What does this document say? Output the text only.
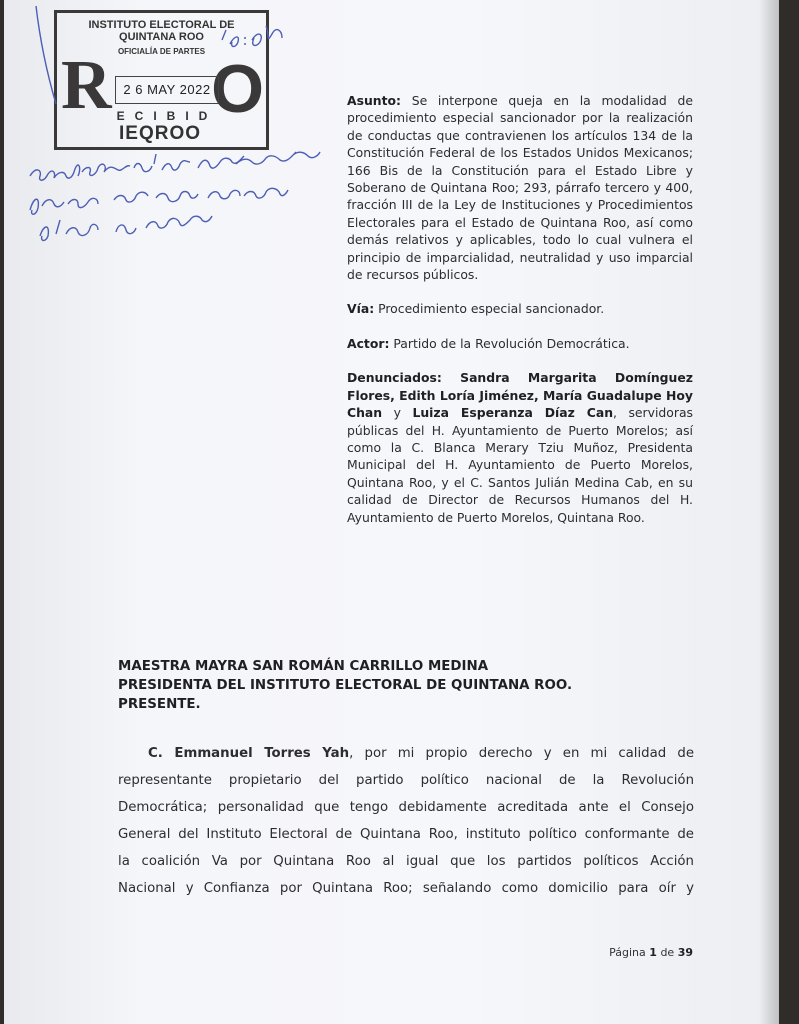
INSTITUTO ELECTORAL DE
QUINTANA ROO
OFICIALÍA DE PARTES
R O
2 6 MAY 2022
ECIBID
IEQROO

Asunto: Se interpone queja en la modalidad de procedimiento especial sancionador por la realización de conductas que contravienen los artículos 134 de la Constitución Federal de los Estados Unidos Mexicanos; 166 Bis de la Constitución para el Estado Libre y Soberano de Quintana Roo; 293, párrafo tercero y 400, fracción III de la Ley de Instituciones y Procedimientos Electorales para el Estado de Quintana Roo, así como demás relativos y aplicables, todo lo cual vulnera el principio de imparcialidad, neutralidad y uso imparcial de recursos públicos.

Vía: Procedimiento especial sancionador.

Actor: Partido de la Revolución Democrática.

Denunciados: Sandra Margarita Domínguez Flores, Edith Loría Jiménez, María Guadalupe Hoy Chan y Luiza Esperanza Díaz Can, servidoras públicas del H. Ayuntamiento de Puerto Morelos; así como la C. Blanca Merary Tziu Muñoz, Presidenta Municipal del H. Ayuntamiento de Puerto Morelos, Quintana Roo, y el C. Santos Julián Medina Cab, en su calidad de Director de Recursos Humanos del H. Ayuntamiento de Puerto Morelos, Quintana Roo.

MAESTRA MAYRA SAN ROMÁN CARRILLO MEDINA
PRESIDENTA DEL INSTITUTO ELECTORAL DE QUINTANA ROO.
PRESENTE.
C. Emmanuel Torres Yah, por mi propio derecho y en mi calidad de
representante propietario del partido político nacional de la Revolución
Democrática; personalidad que tengo debidamente acreditada ante el Consejo
General del Instituto Electoral de Quintana Roo, instituto político conformante de
la coalición Va por Quintana Roo al igual que los partidos políticos Acción
Nacional y Confianza por Quintana Roo; señalando como domicilio para oír y
Página 1 de 39
